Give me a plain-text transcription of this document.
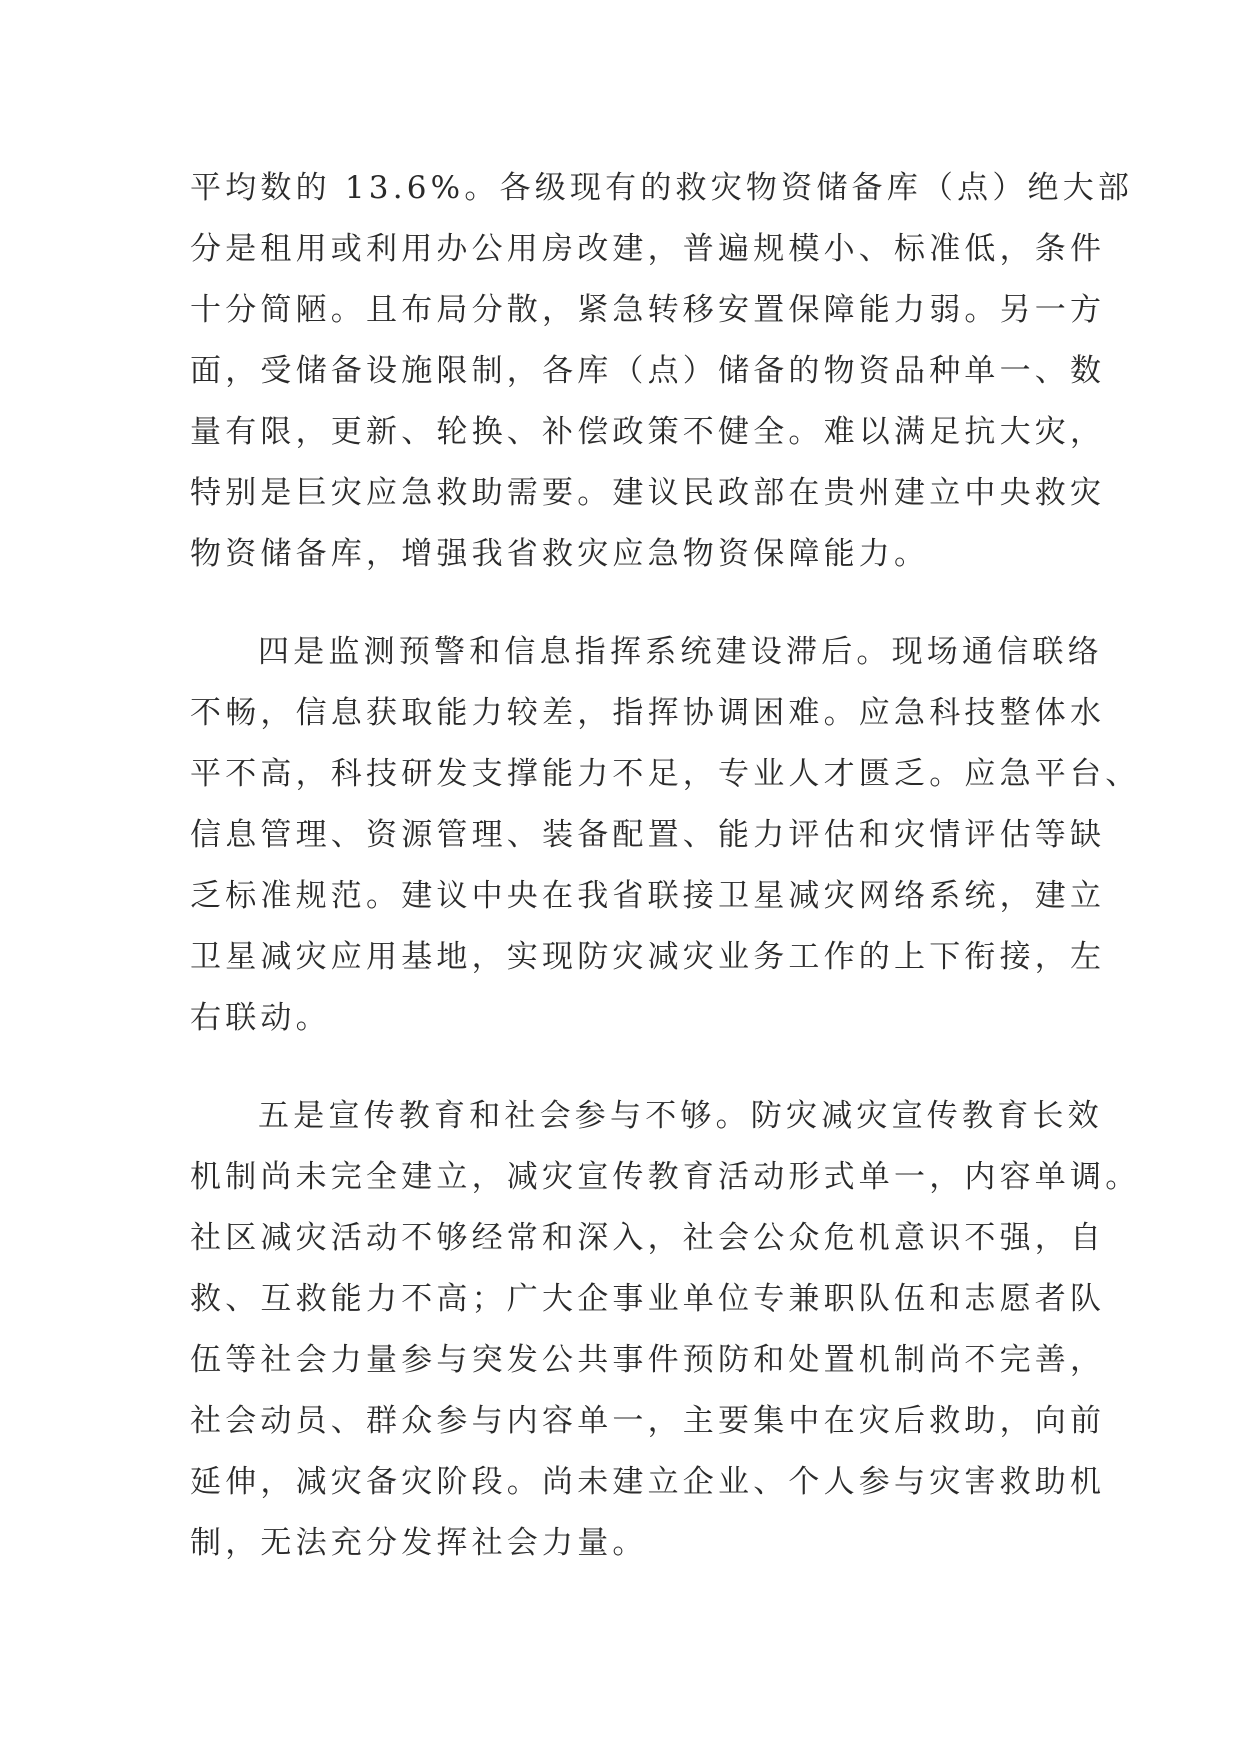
平均数的 13.6%。各级现有的救灾物资储备库（点）绝大部
分是租用或利用办公用房改建，普遍规模小、标准低，条件
十分简陋。且布局分散，紧急转移安置保障能力弱。另一方
面，受储备设施限制，各库（点）储备的物资品种单一、数
量有限，更新、轮换、补偿政策不健全。难以满足抗大灾，
特别是巨灾应急救助需要。建议民政部在贵州建立中央救灾
物资储备库，增强我省救灾应急物资保障能力。
四是监测预警和信息指挥系统建设滞后。现场通信联络
不畅，信息获取能力较差，指挥协调困难。应急科技整体水
平不高，科技研发支撑能力不足，专业人才匮乏。应急平台、
信息管理、资源管理、装备配置、能力评估和灾情评估等缺
乏标准规范。建议中央在我省联接卫星减灾网络系统，建立
卫星减灾应用基地，实现防灾减灾业务工作的上下衔接，左
右联动。
五是宣传教育和社会参与不够。防灾减灾宣传教育长效
机制尚未完全建立，减灾宣传教育活动形式单一，内容单调。
社区减灾活动不够经常和深入，社会公众危机意识不强，自
救、互救能力不高；广大企事业单位专兼职队伍和志愿者队
伍等社会力量参与突发公共事件预防和处置机制尚不完善，
社会动员、群众参与内容单一，主要集中在灾后救助，向前
延伸，减灾备灾阶段。尚未建立企业、个人参与灾害救助机
制，无法充分发挥社会力量。
